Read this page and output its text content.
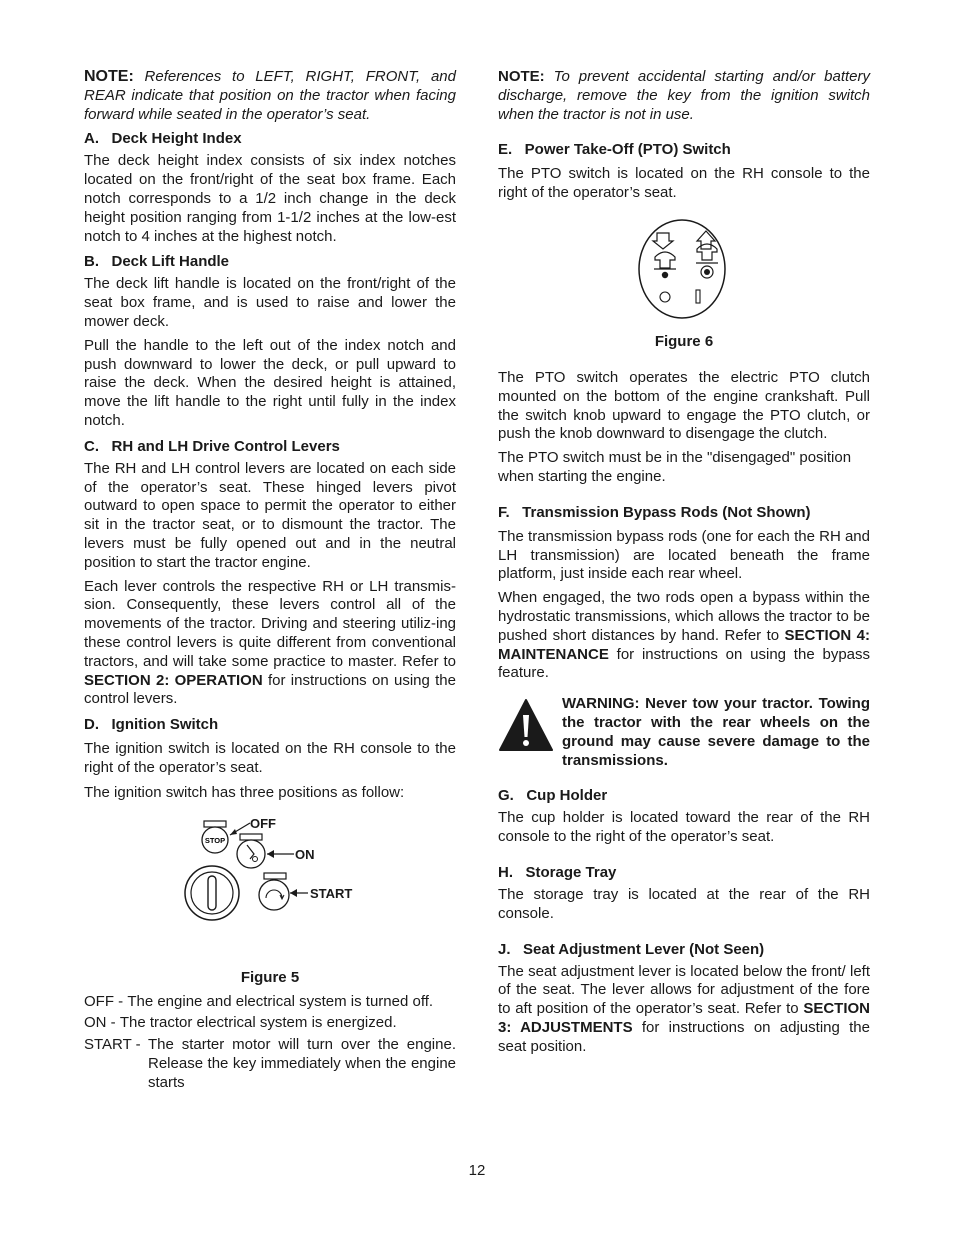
NOTE: References to LEFT, RIGHT, FRONT, and REAR indicate that position on the tractor when facing forward while seated in the operator’s seat.

A.   Deck Height Index

The deck height index consists of six index notches located on the front/right of the seat box frame. Each notch corresponds to a 1/2 inch change in the deck height position ranging from 1-1/2 inches at the low-est notch to 4 inches at the highest notch.

B.   Deck Lift Handle

The deck lift handle is located on the front/right of the seat box frame, and is used to raise and lower the mower deck.

Pull the handle to the left out of the index notch and push downward to lower the deck, or pull upward to raise the deck. When the desired height is attained, move the lift handle to the right until fully in the index notch.

C.   RH and LH Drive Control Levers

The RH and LH control levers are located on each side of the operator’s seat. These hinged levers pivot outward to open space to permit the operator to either sit in the tractor seat, or to dismount the tractor. The levers must be fully opened out and in the neutral position to start the tractor engine.

Each lever controls the respective RH or LH transmis-sion. Consequently, these levers control all of the movements of the tractor. Driving and steering utiliz-ing these control levers is quite different from conventional tractors, and will take some practice to master. Refer to SECTION 2: OPERATION for instructions on using the control levers.

D.   Ignition Switch

The ignition switch is located on the RH console to the right of the operator’s seat.

The ignition switch has three positions as follow:

STOP
OFF
ON
START
Figure 5
OFF - The engine and electrical system is turned off.
ON - The tractor electrical system is energized.
START - The starter motor will turn over the engine. Release the key immediately when the engine starts

NOTE: To prevent accidental starting and/or battery discharge, remove the key from the ignition switch when the tractor is not in use.

E.   Power Take-Off (PTO) Switch

The PTO switch is located on the RH console to the right of the operator’s seat.

Figure 6

The PTO switch operates the electric PTO clutch mounted on the bottom of the engine crankshaft. Pull the switch knob upward to engage the PTO clutch, or push the knob downward to disengage the clutch.

The PTO switch must be in the "disengaged" position when starting the engine.

F.   Transmission Bypass Rods (Not Shown)

The transmission bypass rods (one for each the RH and LH transmission) are located beneath the frame platform, just inside each rear wheel.

When engaged, the two rods open a bypass within the hydrostatic transmissions, which allows the tractor to be pushed short distances by hand. Refer to SECTION 4: MAINTENANCE for instructions on using the bypass feature.

WARNING: Never tow your tractor. Towing the tractor with the rear wheels on the ground may cause severe damage to the transmissions.
G.   Cup Holder

The cup holder is located toward the rear of the RH console to the right of the operator’s seat.

H.   Storage Tray

The storage tray is located at the rear of the RH console.

J.   Seat Adjustment Lever (Not Seen)

The seat adjustment lever is located below the front/ left of the seat. The lever allows for adjustment of the fore to aft position of the operator’s seat. Refer to SECTION 3: ADJUSTMENTS for instructions on adjusting the seat position.

12
